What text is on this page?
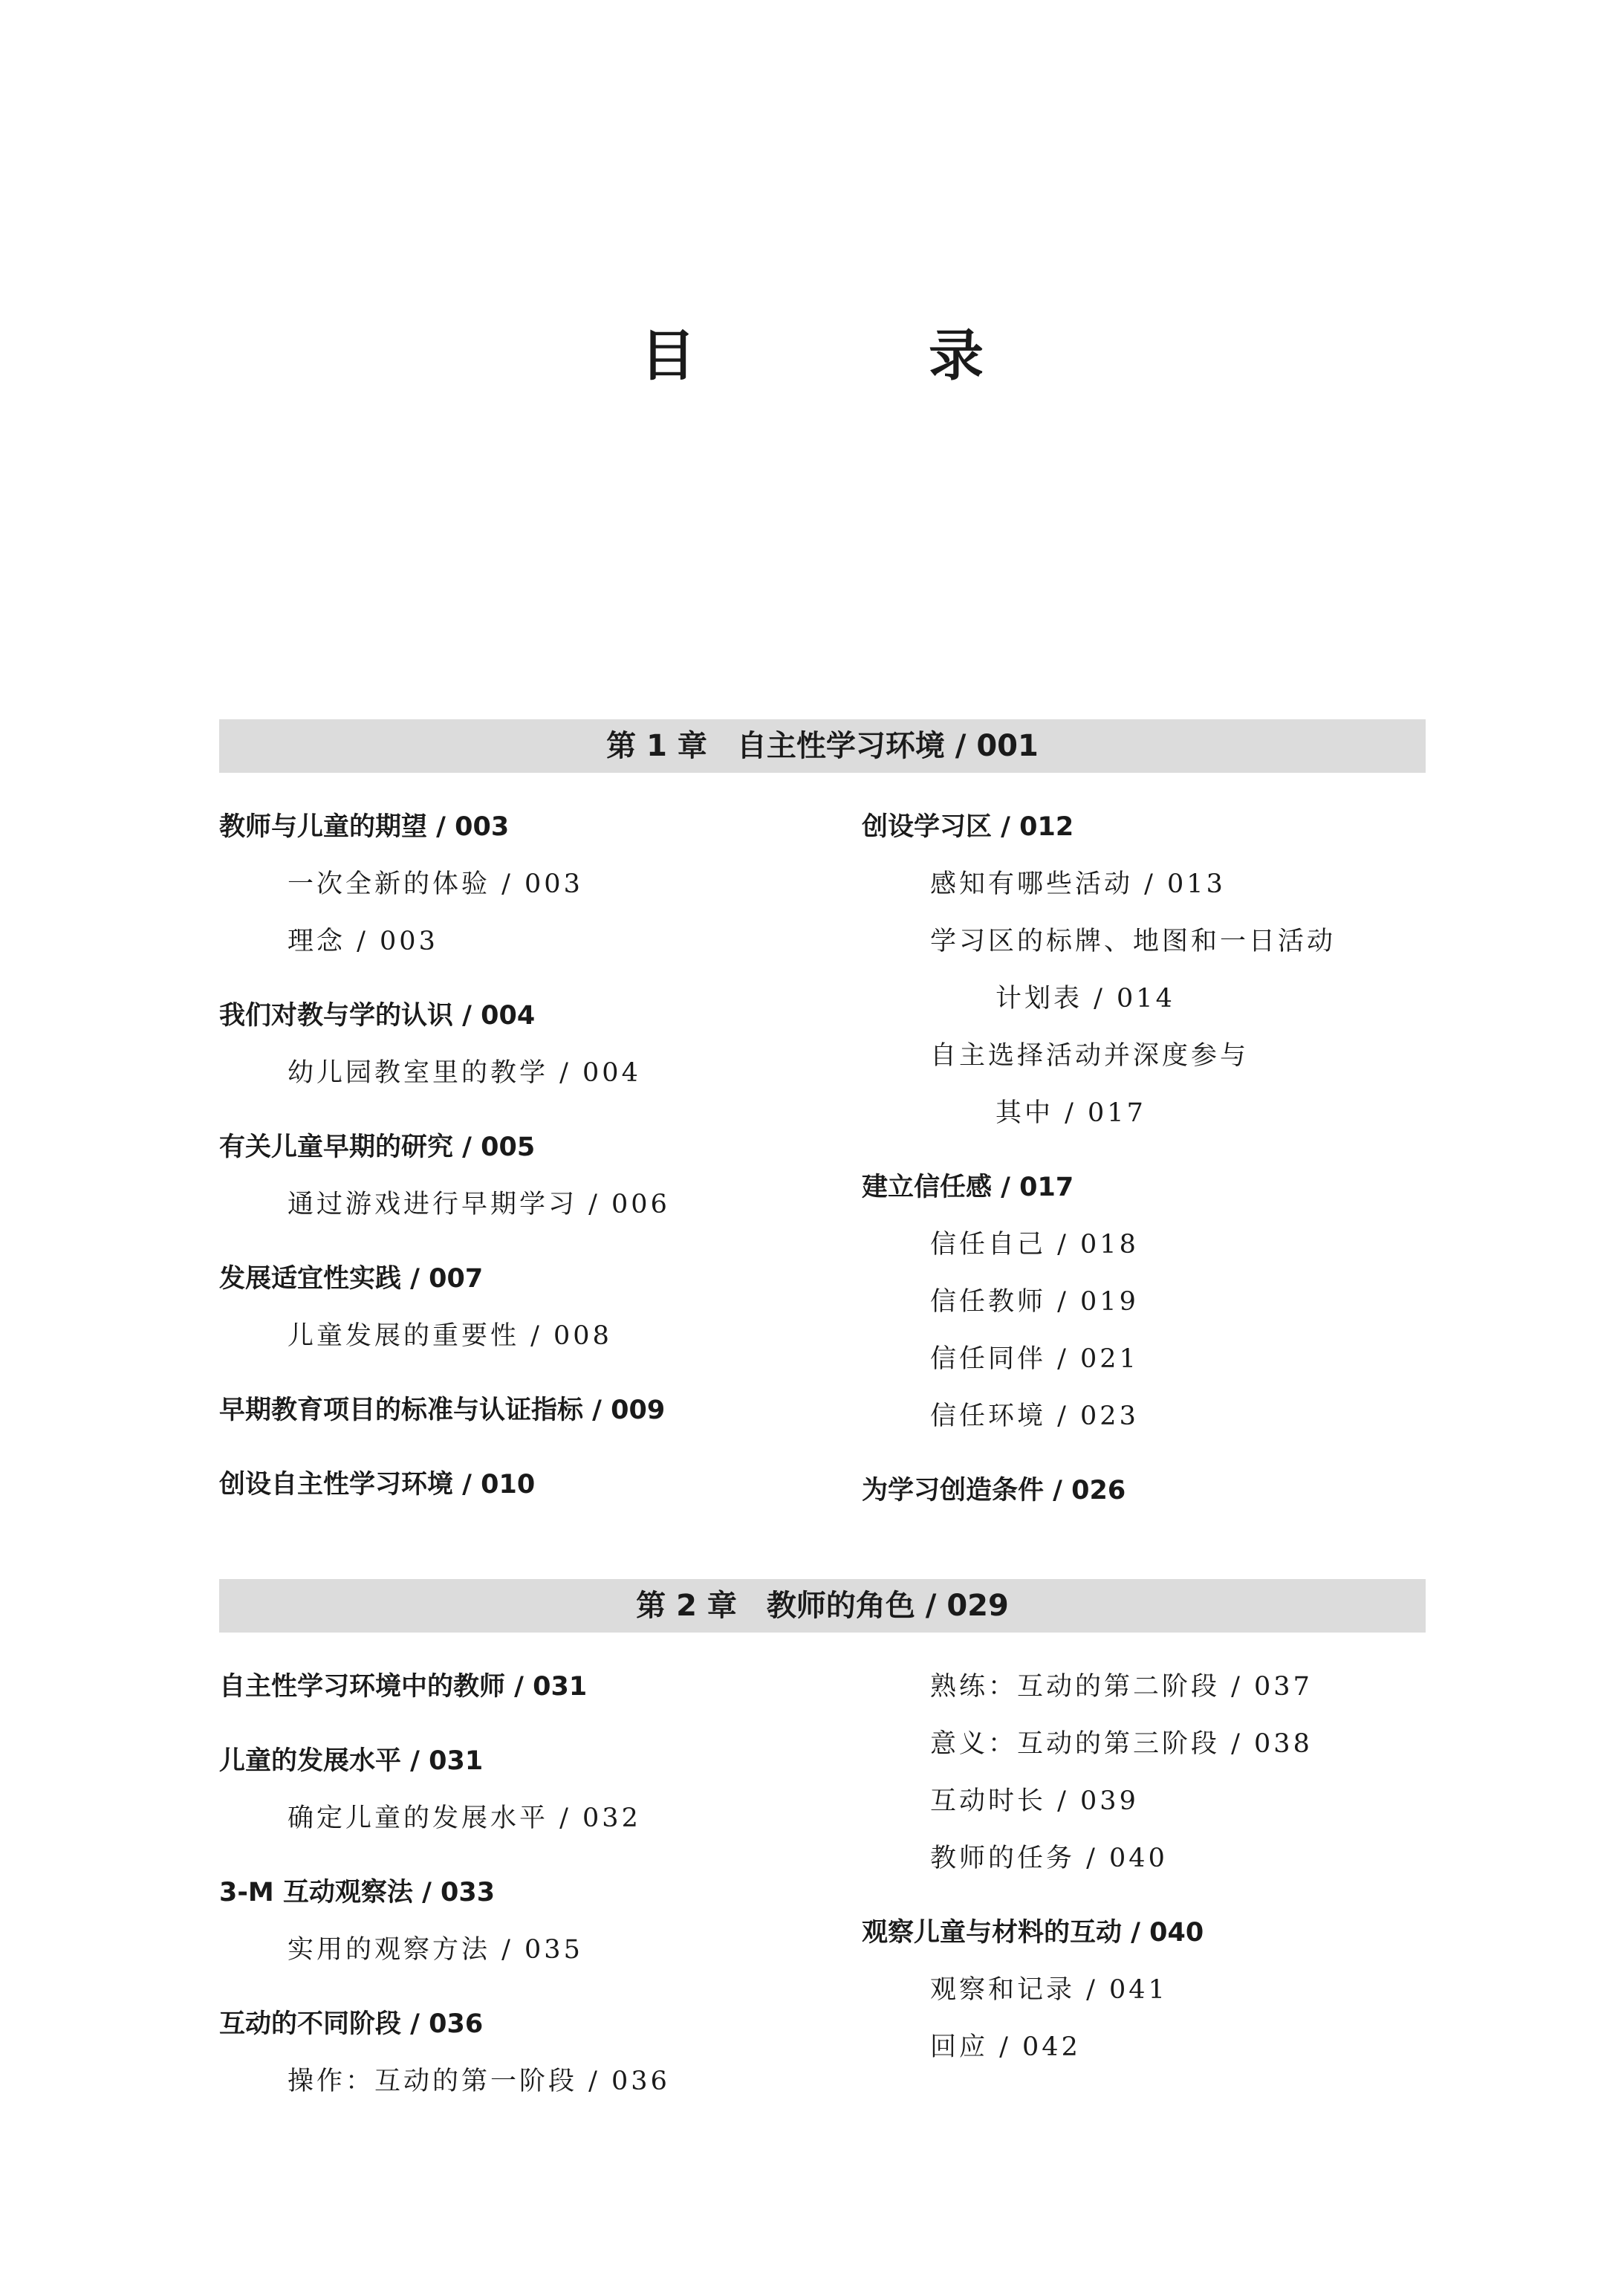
目　录
第 1 章　自主性学习环境 / 001
教师与儿童的期望 / 003
一次全新的体验 / 003
理念 / 003
我们对教与学的认识 / 004
幼儿园教室里的教学 / 004
有关儿童早期的研究 / 005
通过游戏进行早期学习 / 006
发展适宜性实践 / 007
儿童发展的重要性 / 008
早期教育项目的标准与认证指标 / 009
创设自主性学习环境 / 010
创设学习区 / 012
感知有哪些活动 / 013
学习区的标牌、地图和一日活动
计划表 / 014
自主选择活动并深度参与
其中 / 017
建立信任感 / 017
信任自己 / 018
信任教师 / 019
信任同伴 / 021
信任环境 / 023
为学习创造条件 / 026
第 2 章　教师的角色 / 029
自主性学习环境中的教师 / 031
儿童的发展水平 / 031
确定儿童的发展水平 / 032
3-M 互动观察法 / 033
实用的观察方法 / 035
互动的不同阶段 / 036
操作：互动的第一阶段 / 036
熟练：互动的第二阶段 / 037
意义：互动的第三阶段 / 038
互动时长 / 039
教师的任务 / 040
观察儿童与材料的互动 / 040
观察和记录 / 041
回应 / 042
